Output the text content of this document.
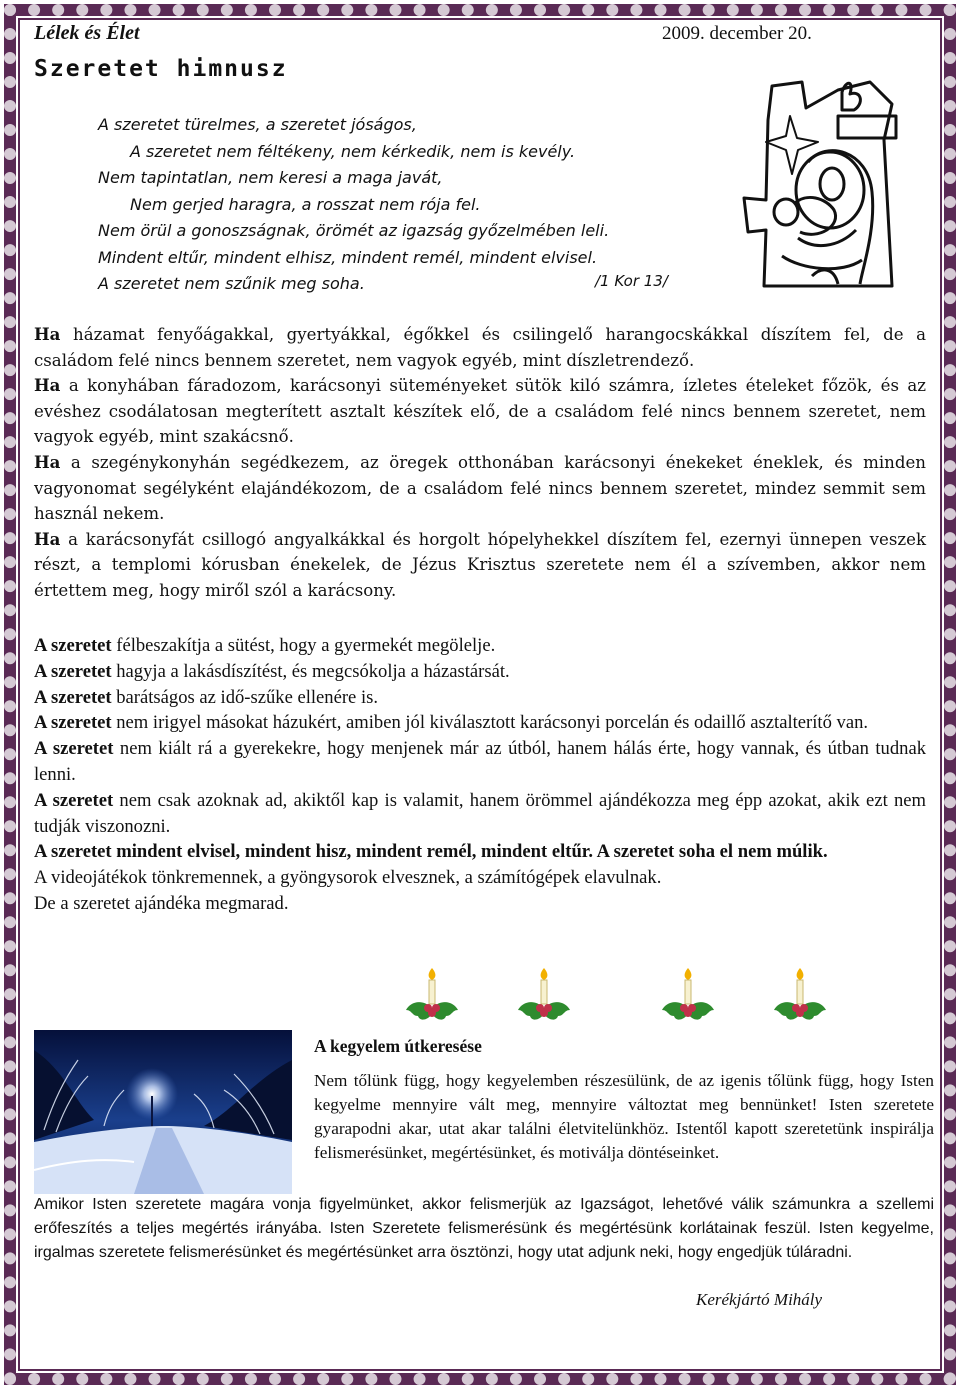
Lélek és Élet	2009. december 20.
Szeretet himnusz
A szeretet türelmes, a szeretet jóságos,
A szeretet nem féltékeny, nem kérkedik, nem is kevély.
Nem tapintatlan, nem keresi a maga javát,
Nem gerjed haragra, a rosszat nem rója fel.
Nem örül a gonoszságnak, örömét az igazság győzelmében leli.
Mindent eltűr, mindent elhisz, mindent remél, mindent elvisel.
A szeretet nem szűnik meg soha.	/1 Kor 13/

Ha házamat fenyőágakkal, gyertyákkal, égőkkel és csilingelő harangocskákkal díszítem fel, de a családom felé nincs bennem szeretet, nem vagyok egyéb, mint díszletrendező.

Ha a konyhában fáradozom, karácsonyi süteményeket sütök kiló számra, ízletes ételeket főzök, és az evéshez csodálatosan megterített asztalt készítek elő, de a családom felé nincs bennem szeretet, nem vagyok egyéb, mint szakácsnő.

Ha a szegénykonyhán segédkezem, az öregek otthonában karácsonyi énekeket éneklek, és minden vagyonomat segélyként elajándékozom, de a családom felé nincs bennem szeretet, mindez semmit sem használ nekem.

Ha a karácsonyfát csillogó angyalkákkal és horgolt hópelyhekkel díszítem fel, ezernyi ünnepen veszek részt, a templomi kórusban énekelek, de Jézus Krisztus szeretete nem él a szívemben, akkor nem értettem meg, hogy miről szól a karácsony.

A szeretet félbeszakítja a sütést, hogy a gyermekét megölelje.

A szeretet hagyja a lakásdíszítést, és megcsókolja a házastársát.

A szeretet barátságos az idő-szűke ellenére is.

A szeretet nem irigyel másokat házukért, amiben jól kiválasztott karácsonyi porcelán és odaillő asztalterítő van.

A szeretet nem kiált rá a gyerekekre, hogy menjenek már az útból, hanem hálás érte, hogy vannak, és útban tudnak lenni.

A szeretet nem csak azoknak ad, akiktől kap is valamit, hanem örömmel ajándékozza meg épp azokat, akik ezt nem tudják viszonozni.

A szeretet mindent elvisel, mindent hisz, mindent remél, mindent eltűr. A szeretet soha el nem múlik.

A videojátékok tönkremennek, a gyöngysorok elvesznek, a számítógépek elavulnak.

De a szeretet ajándéka megmarad.

A kegyelem útkeresése
Nem tőlünk függ, hogy kegyelemben részesülünk, de az igenis tőlünk függ, hogy Isten kegyelme mennyire vált meg, mennyire változtat meg bennünket! Isten szeretete gyarapodni akar, utat akar találni életvitelünkhöz. Istentől kapott szeretetünk inspirálja felismerésünket, megértésünket, és motiválja döntéseinket.
Amikor Isten szeretete magára vonja figyelmünket, akkor felismerjük az Igazságot, lehetővé válik számunkra a szellemi erőfeszítés a teljes megértés irányába. Isten Szeretete felismerésünk és megértésünk korlátainak feszül. Isten kegyelme, irgalmas szeretete felismerésünket és megértésünket arra ösztönzi, hogy utat adjunk neki, hogy engedjük túláradni.
Kerékjártó Mihály
